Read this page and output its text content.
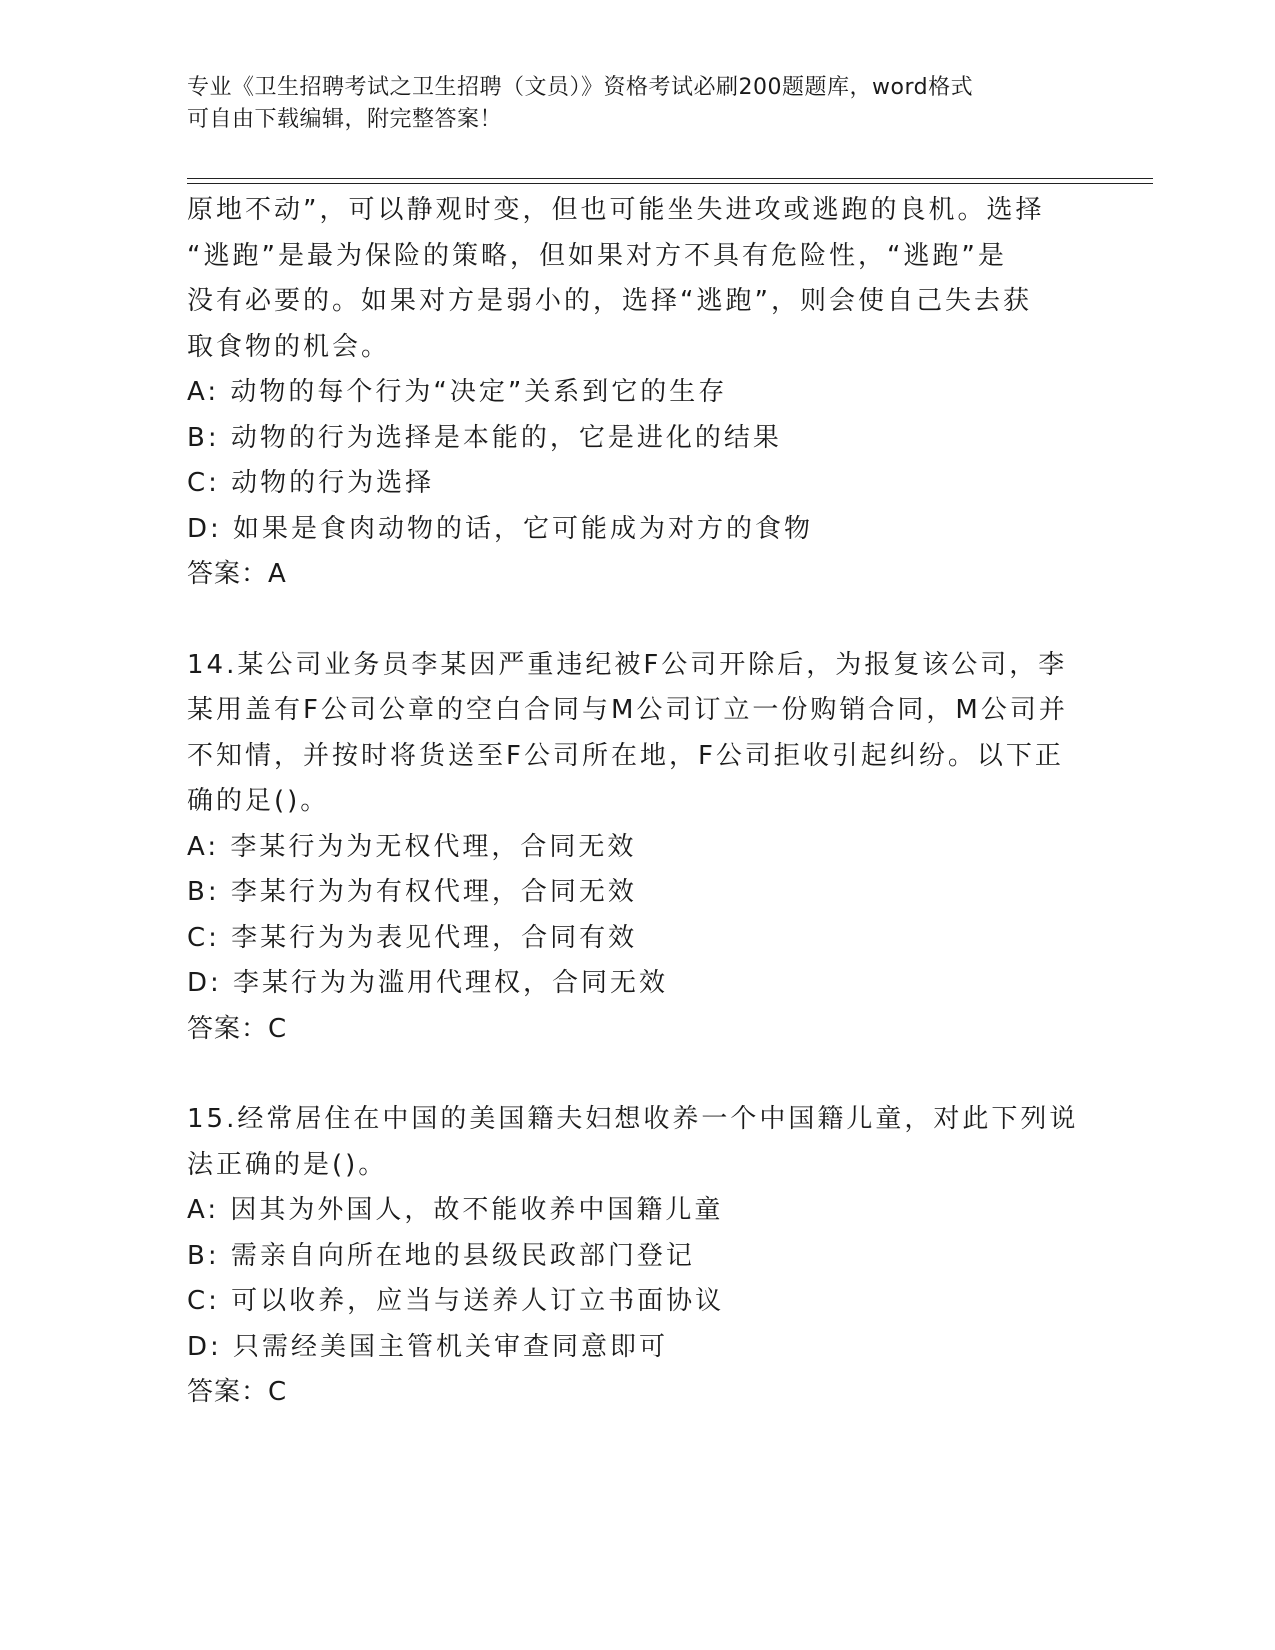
专业《卫生招聘考试之卫生招聘（文员）》资格考试必刷200题题库，word格式
可自由下载编辑，附完整答案！

原地不动”，可以静观时变，但也可能坐失进攻或逃跑的良机。选择

“逃跑”是最为保险的策略，但如果对方不具有危险性，“逃跑”是

没有必要的。如果对方是弱小的，选择“逃跑”，则会使自己失去获

取食物的机会。

A: 动物的每个行为“决定”关系到它的生存

B: 动物的行为选择是本能的，它是进化的结果

C: 动物的行为选择

D: 如果是食肉动物的话，它可能成为对方的食物

答案：A

14.某公司业务员李某因严重违纪被F公司开除后，为报复该公司，李

某用盖有F公司公章的空白合同与M公司订立一份购销合同，M公司并

不知情，并按时将货送至F公司所在地，F公司拒收引起纠纷。以下正

确的足()。

A: 李某行为为无权代理，合同无效

B: 李某行为为有权代理，合同无效

C: 李某行为为表见代理，合同有效

D: 李某行为为滥用代理权，合同无效

答案：C

15.经常居住在中国的美国籍夫妇想收养一个中国籍儿童，对此下列说

法正确的是()。

A: 因其为外国人，故不能收养中国籍儿童

B: 需亲自向所在地的县级民政部门登记

C: 可以收养，应当与送养人订立书面协议

D: 只需经美国主管机关审查同意即可

答案：C
